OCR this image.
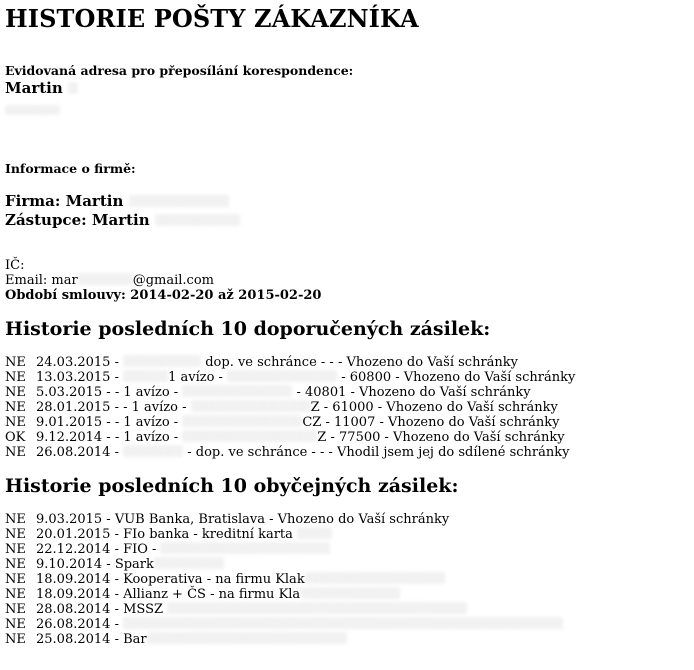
HISTORIE POŠTY ZÁKAZNÍKA
Evidovaná adresa pro přeposílání korespondence:
Martin
Informace o firmě:
Firma: Martin
Zástupce: Martin
IČ:
Email: mar	@gmail.com
Období smlouvy: 2014-02-20 až 2015-02-20
Historie posledních 10 doporučených zásilek:
NE 24.03.2015 -	dop. ve schránce - - - Vhozeno do Vaší schránky
NE 13.03.2015 -	1 avízo -	- 60800 - Vhozeno do Vaší schránky
NE 5.03.2015 - - 1 avízo -	- 40801 - Vhozeno do Vaší schránky
NE 28.01.2015 - - 1 avízo -	Z - 61000 - Vhozeno do Vaší schránky
NE 9.01.2015 - - 1 avízo -	CZ - 11007 - Vhozeno do Vaší schránky
OK 9.12.2014 - - 1 avízo -	Z - 77500 - Vhozeno do Vaší schránky
NE 26.08.2014 -	- dop. ve schránce - - - Vhodil jsem jej do sdílené schránky
Historie posledních 10 obyčejných zásilek:
NE 9.03.2015 - VUB Banka, Bratislava - Vhozeno do Vaší schránky
NE 20.01.2015 - FIo banka - kreditní karta
NE 22.12.2014 - FIO -
NE 9.10.2014 - Spark
NE 18.09.2014 - Kooperativa - na firmu Klak
NE 18.09.2014 - Allianz + ČS - na firmu Kla
NE 28.08.2014 - MSSZ
NE 26.08.2014 -
NE 25.08.2014 - Bar
